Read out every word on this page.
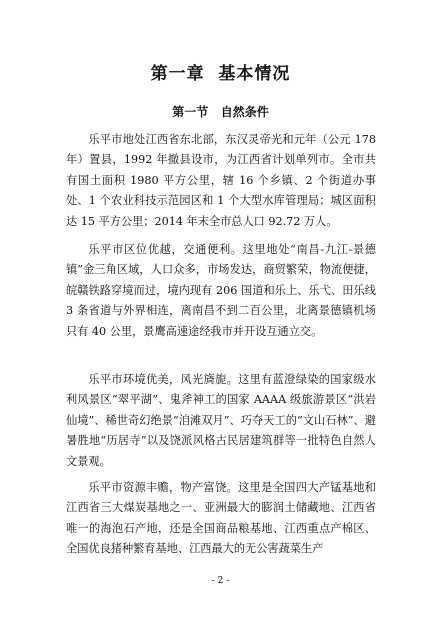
第一章  基本情况
第一节   自然条件

乐平市地处江西省东北部，东汉灵帝光和元年（公元 178 年）置县，1992 年撤县设市，为江西省计划单列市。全市共有国土面积 1980 平方公里，辖 16 个乡镇、2 个街道办事处、1 个农业科技示范园区和 1 个大型水库管理局；城区面积达 15 平方公里；2014 年末全市总人口 92.72 万人。

乐平市区位优越，交通便利。这里地处“南昌-九江-景德镇”金三角区域，人口众多，市场发达，商贸繁荣，物流便捷，皖赣铁路穿境而过，境内现有 206 国道和乐上、乐弋、田乐线 3 条省道与外界相连，离南昌不到二百公里，北离景德镇机场只有 40 公里，景鹰高速途经我市并开设互通立交。

乐平市环境优美，风光旖旎。这里有蓝澄绿染的国家级水利风景区“翠平湖”、鬼斧神工的国家 AAAA 级旅游景区“洪岩仙境”、稀世奇幻绝景“洎滩双月”、巧夺天工的“文山石林”、避暑胜地“历居寺”以及饶派风格古民居建筑群等一批特色自然人文景观。

乐平市资源丰赡，物产富饶。这里是全国四大产锰基地和江西省三大煤炭基地之一、亚洲最大的膨润土储藏地、江西省唯一的海泡石产地，还是全国商品粮基地、江西重点产棉区、全国优良猪种繁育基地、江西最大的无公害蔬菜生产

- 2 -
